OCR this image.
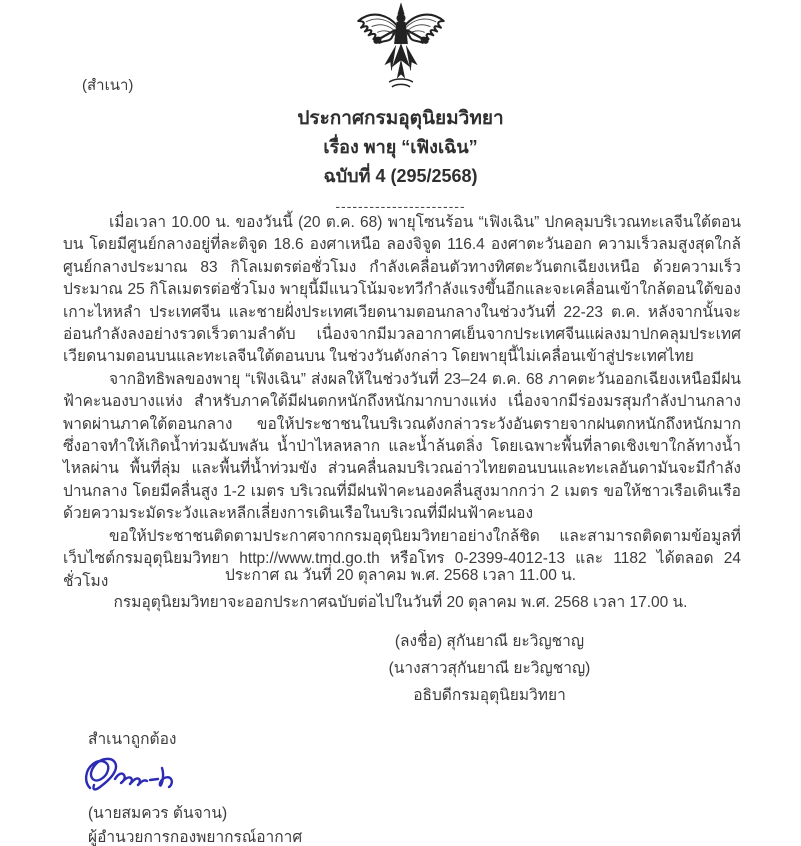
(สำเนา)
ประกาศกรมอุตุนิยมวิทยา
เรื่อง พายุ “เฟิงเฉิน”
ฉบับที่ 4 (295/2568)
-----------------------

เมื่อเวลา 10.00 น. ของวันนี้ (20 ต.ค. 68) พายุโซนร้อน “เฟิงเฉิน” ปกคลุมบริเวณทะเลจีนใต้ตอนบน โดยมีศูนย์กลางอยู่ที่ละติจูด 18.6 องศาเหนือ ลองจิจูด 116.4 องศาตะวันออก ความเร็วลมสูงสุดใกล้ศูนย์กลางประมาณ 83 กิโลเมตรต่อชั่วโมง กำลังเคลื่อนตัวทางทิศตะวันตกเฉียงเหนือ ด้วยความเร็วประมาณ 25 กิโลเมตรต่อชั่วโมง พายุนี้มีแนวโน้มจะทวีกำลังแรงขึ้นอีกและจะเคลื่อนเข้าใกล้ตอนใต้ของเกาะไหหลำ ประเทศจีน และชายฝั่งประเทศเวียดนามตอนกลางในช่วงวันที่ 22-23 ต.ค. หลังจากนั้นจะอ่อนกำลังลงอย่างรวดเร็วตามลำดับ เนื่องจากมีมวลอากาศเย็นจากประเทศจีนแผ่ลงมาปกคลุมประเทศเวียดนามตอนบนและทะเลจีนใต้ตอนบน ในช่วงวันดังกล่าว โดยพายุนี้ไม่เคลื่อนเข้าสู่ประเทศไทย

จากอิทธิพลของพายุ “เฟิงเฉิน” ส่งผลให้ในช่วงวันที่ 23–24 ต.ค. 68 ภาคตะวันออกเฉียงเหนือมีฝนฟ้าคะนองบางแห่ง สำหรับภาคใต้มีฝนตกหนักถึงหนักมากบางแห่ง เนื่องจากมีร่องมรสุมกำลังปานกลางพาดผ่านภาคใต้ตอนกลาง ขอให้ประชาชนในบริเวณดังกล่าวระวังอันตรายจากฝนตกหนักถึงหนักมาก ซึ่งอาจทำให้เกิดน้ำท่วมฉับพลัน น้ำป่าไหลหลาก และน้ำล้นตลิ่ง โดยเฉพาะพื้นที่ลาดเชิงเขาใกล้ทางน้ำไหลผ่าน พื้นที่ลุ่ม และพื้นที่น้ำท่วมขัง ส่วนคลื่นลมบริเวณอ่าวไทยตอนบนและทะเลอันดามันจะมีกำลังปานกลาง โดยมีคลื่นสูง 1-2 เมตร บริเวณที่มีฝนฟ้าคะนองคลื่นสูงมากกว่า 2 เมตร ขอให้ชาวเรือเดินเรือด้วยความระมัดระวังและหลีกเลี่ยงการเดินเรือในบริเวณที่มีฝนฟ้าคะนอง

ขอให้ประชาชนติดตามประกาศจากกรมอุตุนิยมวิทยาอย่างใกล้ชิด และสามารถติดตามข้อมูลที่เว็บไซต์กรมอุตุนิยมวิทยา http://www.tmd.go.th หรือโทร 0-2399-4012-13 และ 1182 ได้ตลอด 24 ชั่วโมง	ประกาศ ณ วันที่ 20 ตุลาคม พ.ศ. 2568 เวลา 11.00 น.
กรมอุตุนิยมวิทยาจะออกประกาศฉบับต่อไปในวันที่ 20 ตุลาคม พ.ศ. 2568 เวลา 17.00 น.
(ลงชื่อ) สุกันยาณี ยะวิญชาญ
(นางสาวสุกันยาณี ยะวิญชาญ)
อธิบดีกรมอุตุนิยมวิทยา
สำเนาถูกต้อง
(นายสมควร ต้นจาน)
ผู้อำนวยการกองพยากรณ์อากาศ
